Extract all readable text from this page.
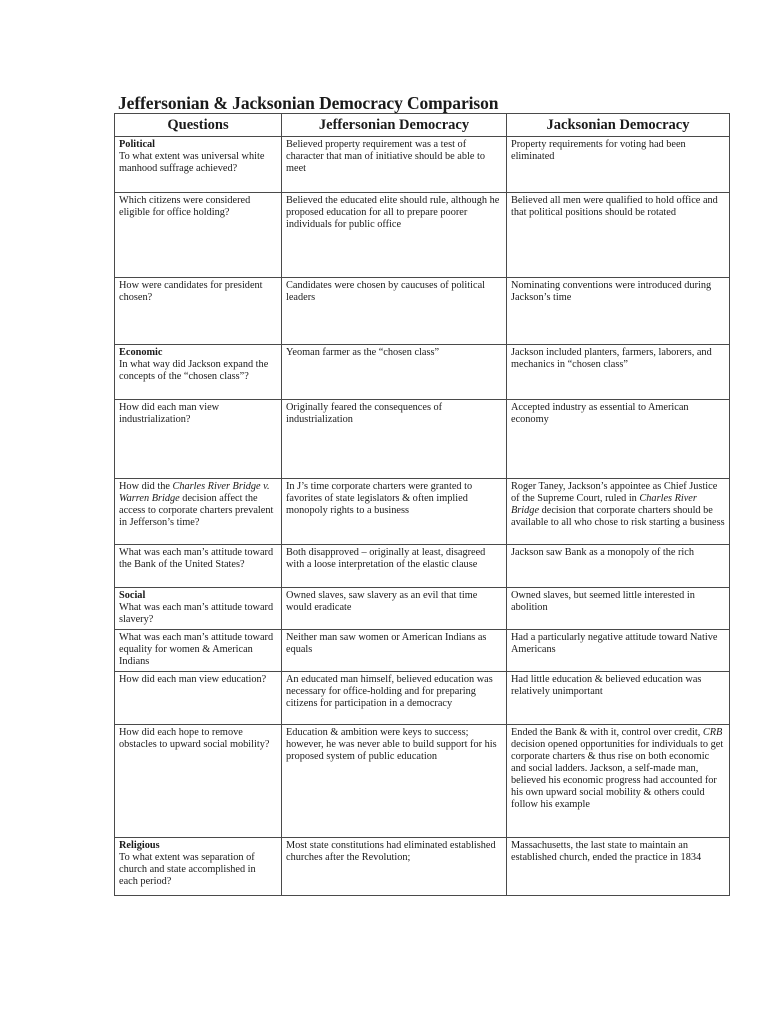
Jeffersonian & Jacksonian Democracy Comparison
Questions	Jeffersonian Democracy	Jacksonian Democracy

Political
To what extent was universal white manhood suffrage achieved?	Believed property requirement was a test of character that man of initiative should be able to meet	Property requirements for voting had been eliminated

Which citizens were considered eligible for office holding?	Believed the educated elite should rule, although he proposed education for all to prepare poorer individuals for public office	Believed all men were qualified to hold office and that political positions should be rotated

How were candidates for president chosen?	Candidates were chosen by caucuses of political leaders	Nominating conventions were introduced during Jackson’s time

Economic
In what way did Jackson expand the concepts of the “chosen class”?	Yeoman farmer as the “chosen class”	Jackson included planters, farmers, laborers, and mechanics in “chosen class”

How did each man view industrialization?	Originally feared the consequences of industrialization	Accepted industry as essential to American economy
How did the Charles River Bridge v. Warren Bridge decision affect the access to corporate charters prevalent in Jefferson’s time?	In J’s time corporate charters were granted to favorites of state legislators & often implied monopoly rights to a business	Roger Taney, Jackson’s appointee as Chief Justice of the Supreme Court, ruled in Charles River Bridge decision that corporate charters should be available to all who chose to risk starting a business

What was each man’s attitude toward the Bank of the United States?	Both disapproved – originally at least, disagreed with a loose interpretation of the elastic clause	Jackson saw Bank as a monopoly of the rich

Social
What was each man’s attitude toward slavery?	Owned slaves, saw slavery as an evil that time would eradicate	Owned slaves, but seemed little interested in abolition

What was each man’s attitude toward equality for women & American Indians	Neither man saw women or American Indians as equals	Had a particularly negative attitude toward Native Americans

How did each man view education?	An educated man himself, believed education was necessary for office-holding and for preparing citizens for participation in a democracy	Had little education & believed education was relatively unimportant

How did each hope to remove obstacles to upward social mobility?	Education & ambition were keys to success; however, he was never able to build support for his proposed system of public education	Ended the Bank & with it, control over credit, CRB decision opened opportunities for individuals to get corporate charters & thus rise on both economic and social ladders. Jackson, a self-made man, believed his economic progress had accounted for his own upward social mobility & others could follow his example

Religious
To what extent was separation of church and state accomplished in each period?	Most state constitutions had eliminated established churches after the Revolution;	Massachusetts, the last state to maintain an established church, ended the practice in 1834
